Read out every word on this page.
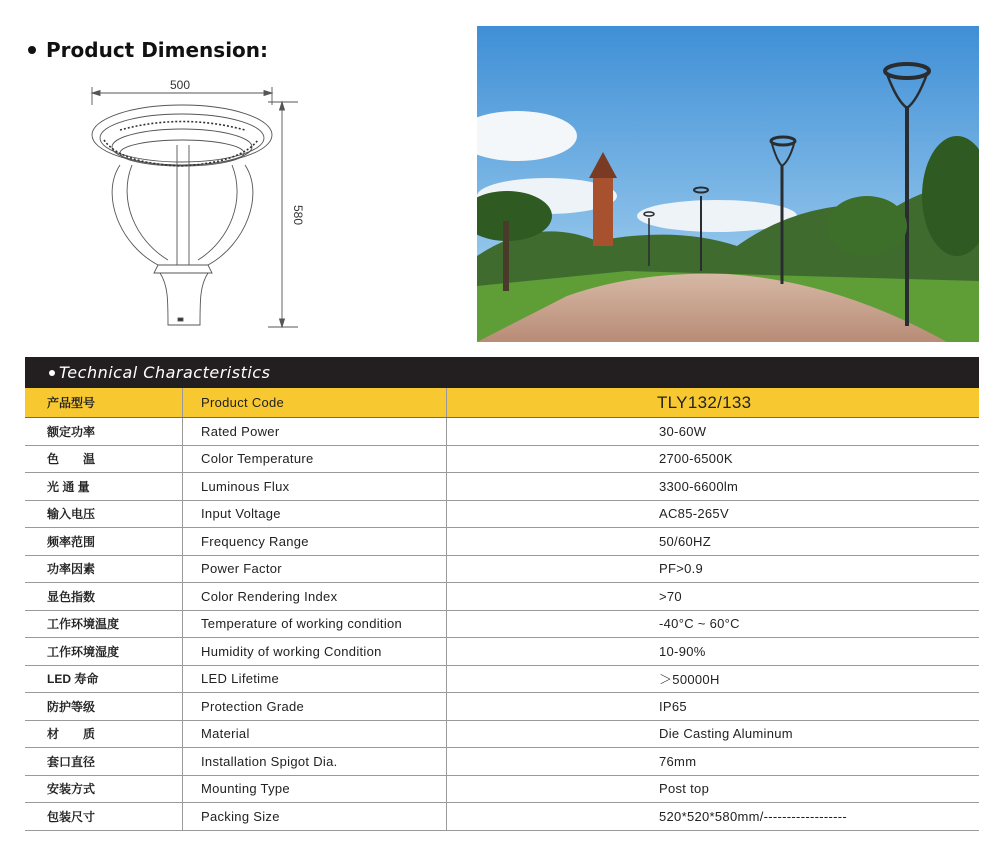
Product Dimension:
500
580
Technical Characteristics
产品型号	Product Code	TLY132/133
额定功率	Rated Power	30-60W
色　　温	Color Temperature	2700-6500K
光 通 量	Luminous Flux	3300-6600lm
输入电压	Input Voltage	AC85-265V
频率范围	Frequency Range	50/60HZ
功率因素	Power Factor	PF>0.9
显色指数	Color Rendering Index	>70
工作环境温度	Temperature of working condition	-40°C ~ 60°C
工作环境湿度	Humidity of working Condition	10-90%
LED 寿命	LED Lifetime	＞50000H
防护等级	Protection Grade	IP65
材　　质	Material	Die Casting Aluminum
套口直径	Installation Spigot Dia.	76mm
安装方式	Mounting Type	Post top
包装尺寸	Packing Size	520*520*580mm/------------------
